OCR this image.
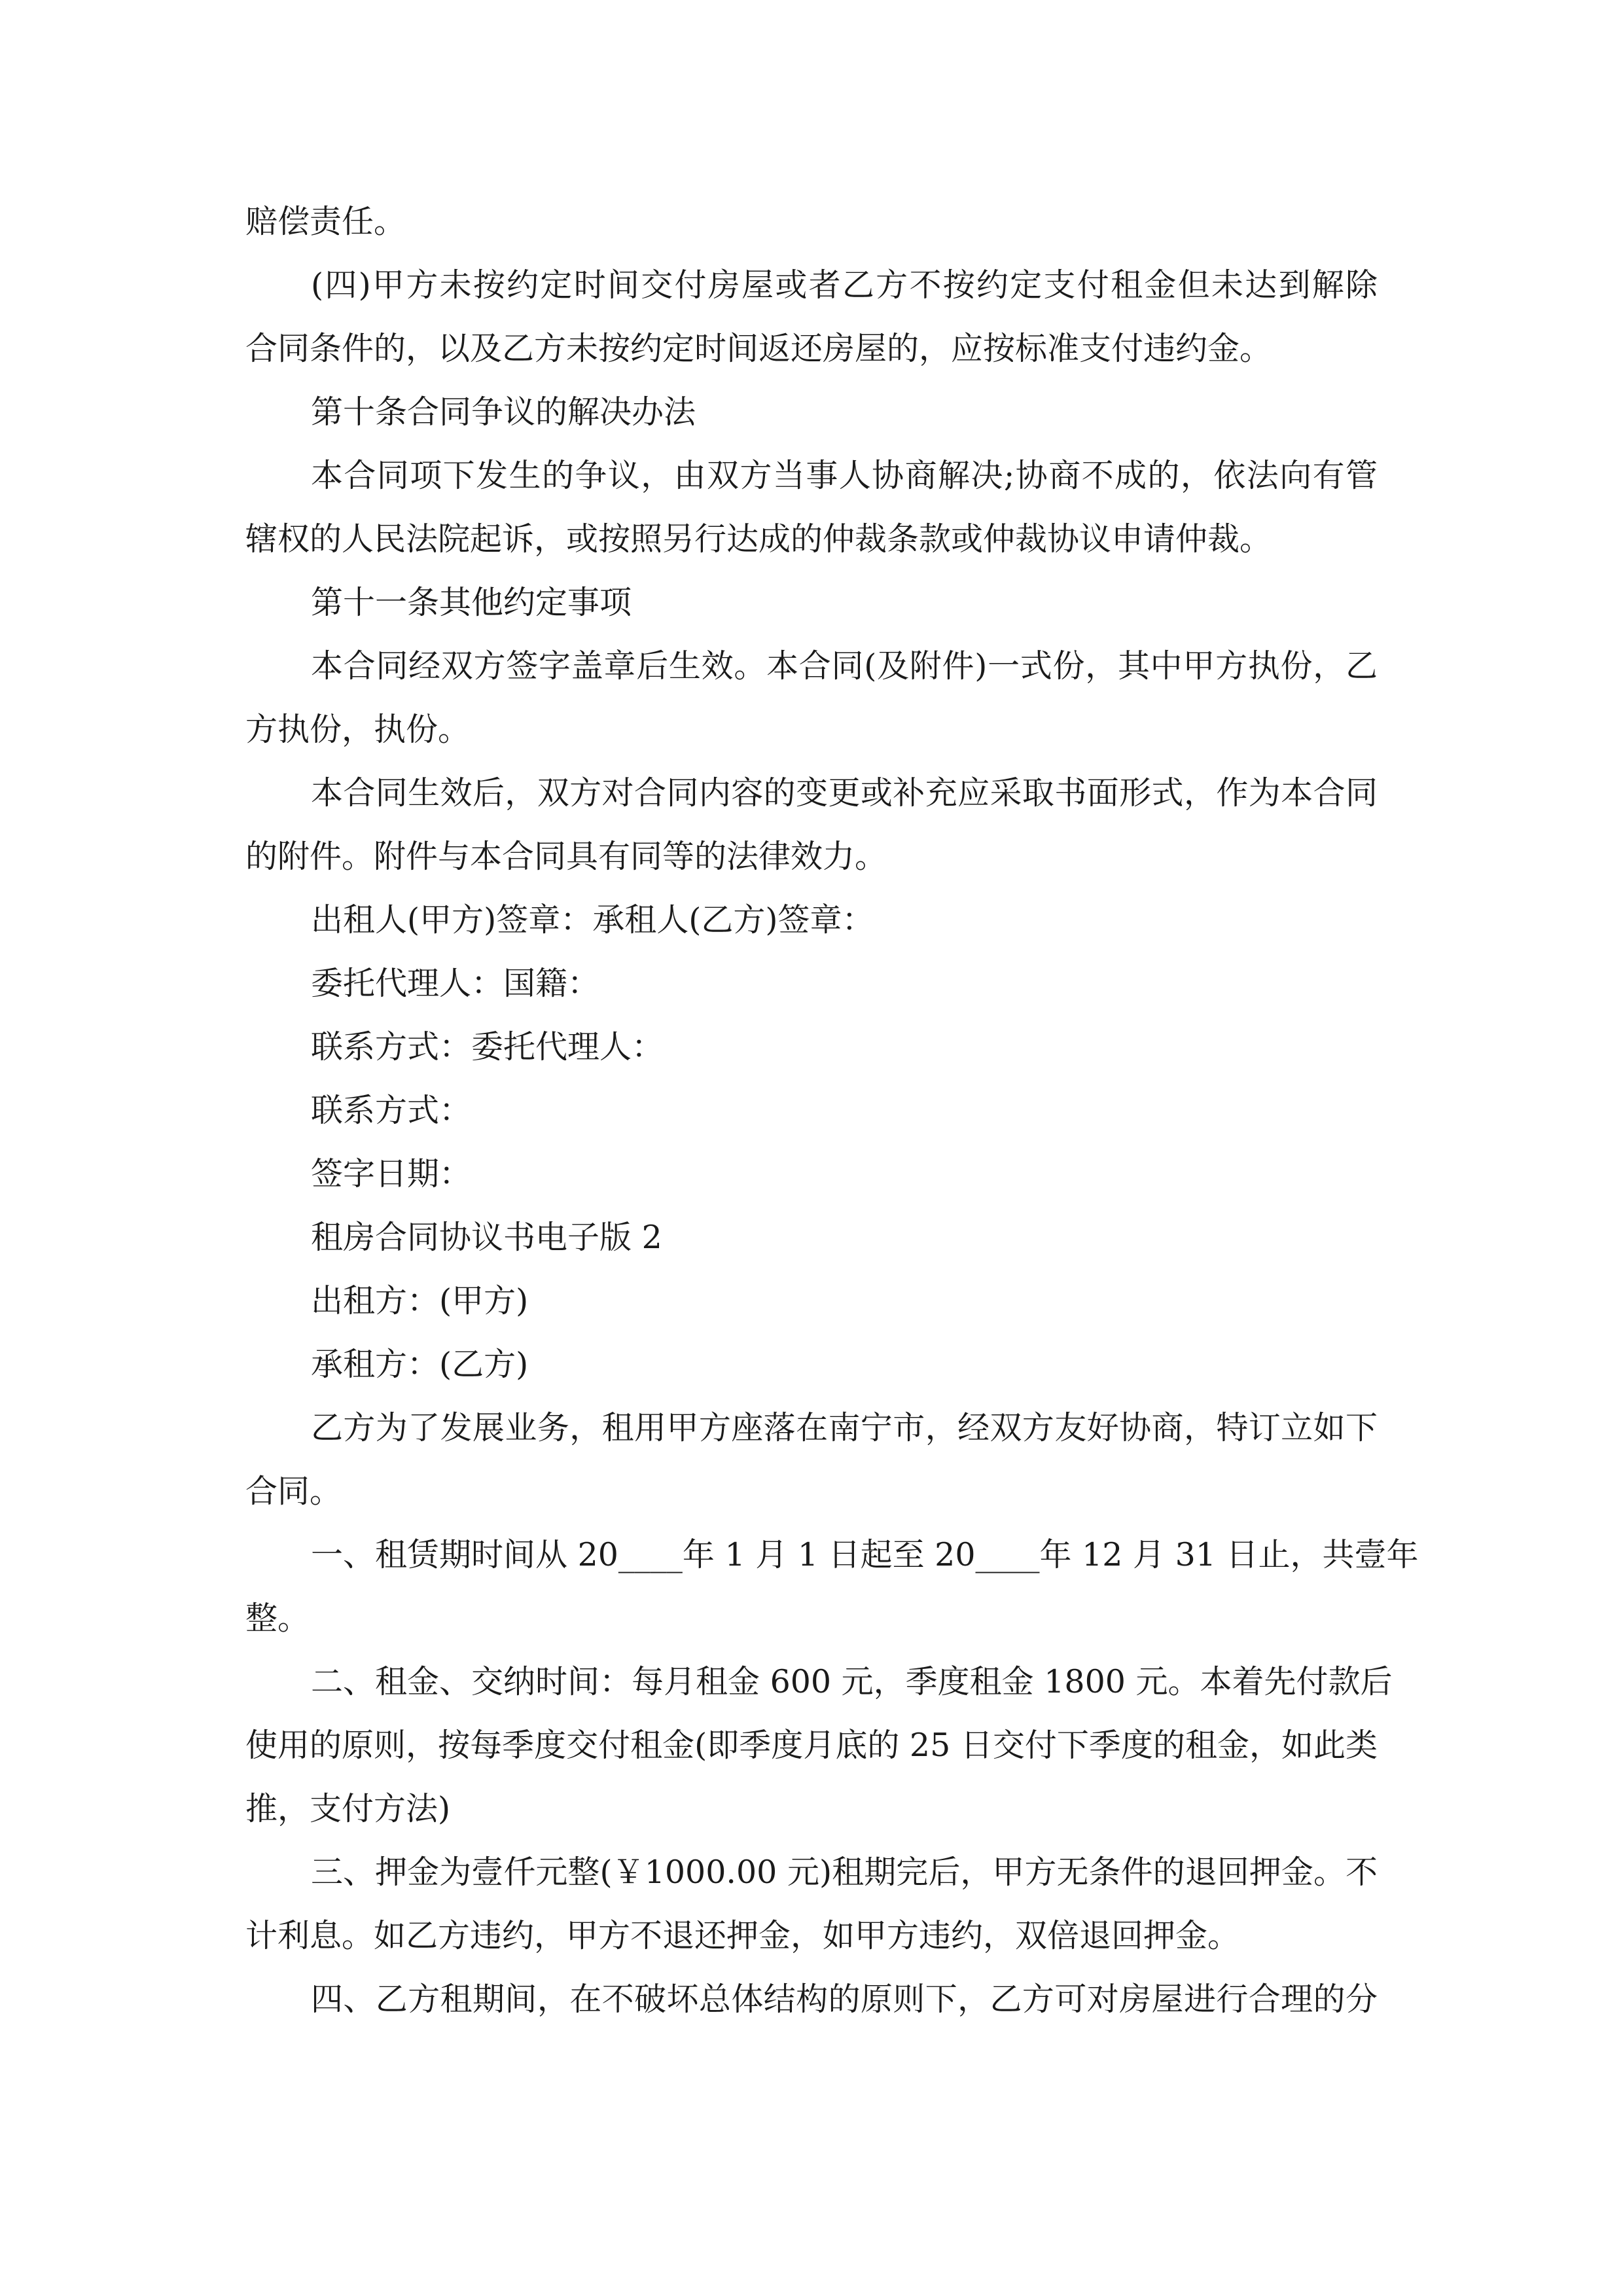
赔偿责任。
(四)甲方未按约定时间交付房屋或者乙方不按约定支付租金但未达到解除
合同条件的，以及乙方未按约定时间返还房屋的，应按标准支付违约金。
第十条合同争议的解决办法
本合同项下发生的争议，由双方当事人协商解决;协商不成的，依法向有管
辖权的人民法院起诉，或按照另行达成的仲裁条款或仲裁协议申请仲裁。
第十一条其他约定事项
本合同经双方签字盖章后生效。本合同(及附件)一式份，其中甲方执份，乙
方执份，执份。
本合同生效后，双方对合同内容的变更或补充应采取书面形式，作为本合同
的附件。附件与本合同具有同等的法律效力。
出租人(甲方)签章：承租人(乙方)签章：
委托代理人：国籍：
联系方式：委托代理人：
联系方式：
签字日期：
租房合同协议书电子版 2
出租方：(甲方)
承租方：(乙方)
乙方为了发展业务，租用甲方座落在南宁市，经双方友好协商，特订立如下
合同。
一、租赁期时间从 20____年 1 月 1 日起至 20____年 12 月 31 日止，共壹年
整。
二、租金、交纳时间：每月租金 600 元，季度租金 1800 元。本着先付款后
使用的原则，按每季度交付租金(即季度月底的 25 日交付下季度的租金，如此类
推，支付方法)
三、押金为壹仟元整(￥1000.00 元)租期完后，甲方无条件的退回押金。不
计利息。如乙方违约，甲方不退还押金，如甲方违约，双倍退回押金。
四、乙方租期间，在不破坏总体结构的原则下，乙方可对房屋进行合理的分
